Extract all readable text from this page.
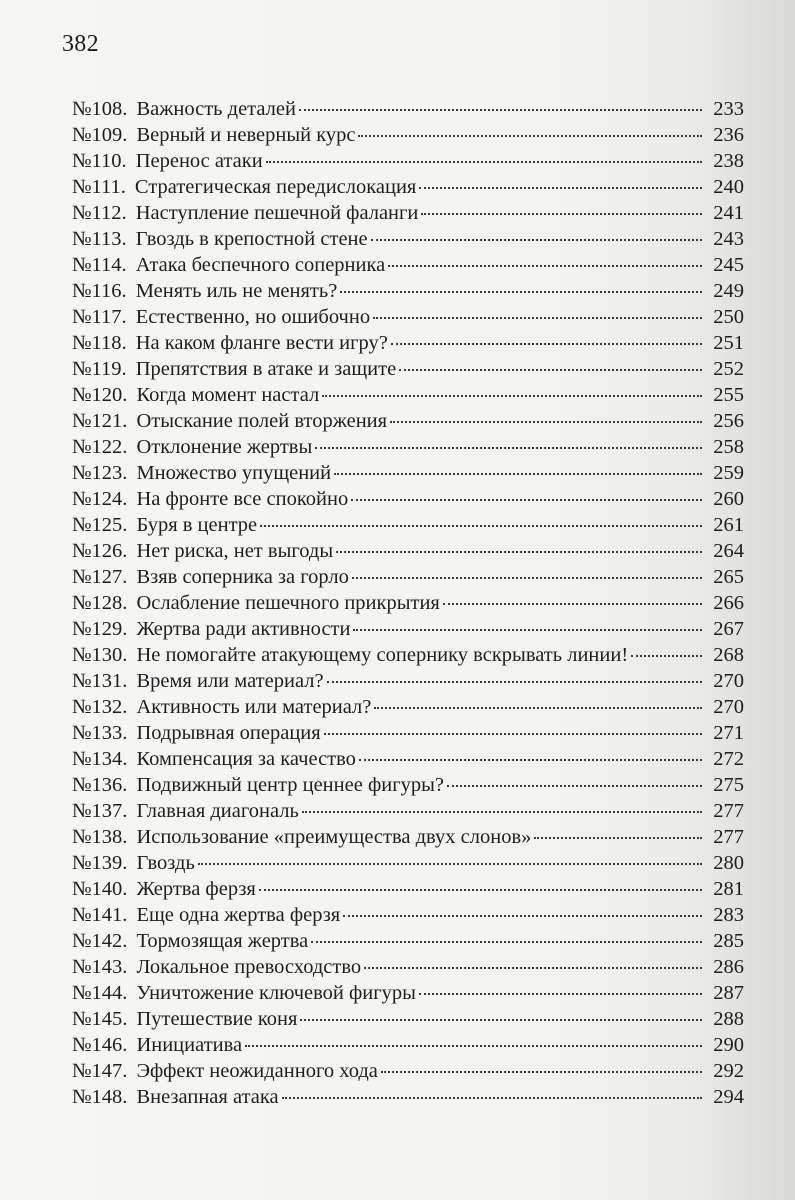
382
№108. Важность деталей	233
№109. Верный и неверный курс	236
№110. Перенос атаки	238
№111. Стратегическая передислокация	240
№112. Наступление пешечной фаланги	241
№113. Гвоздь в крепостной стене	243
№114. Атака беспечного соперника	245
№116. Менять иль не менять?	249
№117. Естественно, но ошибочно	250
№118. На каком фланге вести игру?	251
№119. Препятствия в атаке и защите	252
№120. Когда момент настал	255
№121. Отыскание полей вторжения	256
№122. Отклонение жертвы	258
№123. Множество упущений	259
№124. На фронте все спокойно	260
№125. Буря в центре	261
№126. Нет риска, нет выгоды	264
№127. Взяв соперника за горло	265
№128. Ослабление пешечного прикрытия	266
№129. Жертва ради активности	267
№130. Не помогайте атакующему сопернику вскрывать линии!	268
№131. Время или материал?	270
№132. Активность или материал?	270
№133. Подрывная операция	271
№134. Компенсация за качество	272
№136. Подвижный центр ценнее фигуры?	275
№137. Главная диагональ	277
№138. Использование «преимущества двух слонов»	277
№139. Гвоздь	280
№140. Жертва ферзя	281
№141. Еще одна жертва ферзя	283
№142. Тормозящая жертва	285
№143. Локальное превосходство	286
№144. Уничтожение ключевой фигуры	287
№145. Путешествие коня	288
№146. Инициатива	290
№147. Эффект неожиданного хода	292
№148. Внезапная атака	294
